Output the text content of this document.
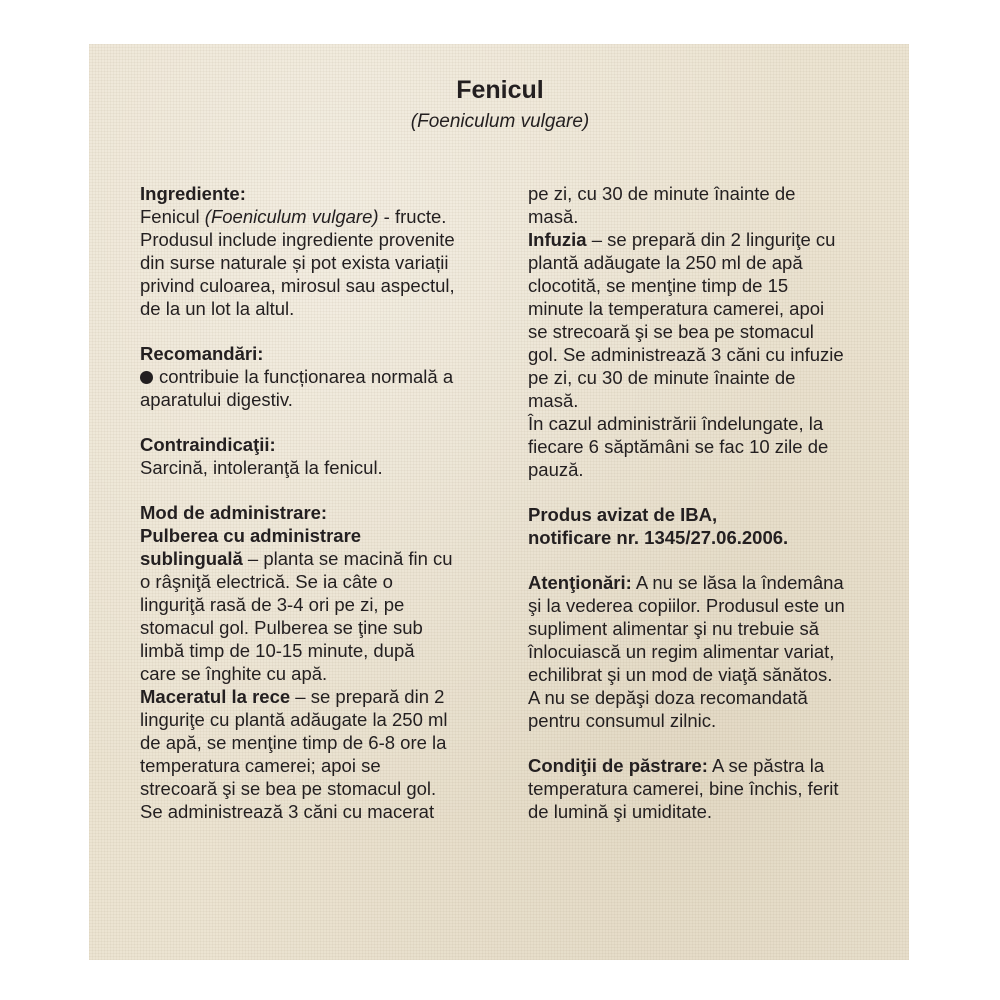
Fenicul
(Foeniculum vulgare)
Ingrediente:
Fenicul (Foeniculum vulgare) - fructe.
Produsul include ingrediente provenite
din surse naturale și pot exista variații
privind culoarea, mirosul sau aspectul,
de la un lot la altul.
Recomandări:
contribuie la funcționarea normală a
aparatului digestiv.
Contraindicaţii:
Sarcină, intoleranţă la fenicul.
Mod de administrare:
Pulberea cu administrare
sublinguală – planta se macină fin cu
o râşniţă electrică. Se ia câte o
linguriţă rasă de 3-4 ori pe zi, pe
stomacul gol. Pulberea se ţine sub
limbă timp de 10-15 minute, după
care se înghite cu apă.
Maceratul la rece – se prepară din 2
linguriţe cu plantă adăugate la 250 ml
de apă, se menţine timp de 6-8 ore la
temperatura camerei; apoi se
strecoară şi se bea pe stomacul gol.
Se administrează 3 căni cu macerat
pe zi, cu 30 de minute înainte de
masă.
Infuzia – se prepară din 2 linguriţe cu
plantă adăugate la 250 ml de apă
clocotită, se menţine timp de 15
minute la temperatura camerei, apoi
se strecoară şi se bea pe stomacul
gol. Se administrează 3 căni cu infuzie
pe zi, cu 30 de minute înainte de
masă.
În cazul administrării îndelungate, la
fiecare 6 săptămâni se fac 10 zile de
pauză.
Produs avizat de IBA,
notificare nr. 1345/27.06.2006.
Atenţionări: A nu se lăsa la îndemâna
şi la vederea copiilor. Produsul este un
supliment alimentar şi nu trebuie să
înlocuiască un regim alimentar variat,
echilibrat şi un mod de viaţă sănătos.
A nu se depăşi doza recomandată
pentru consumul zilnic.
Condiţii de păstrare: A se păstra la
temperatura camerei, bine închis, ferit
de lumină şi umiditate.
